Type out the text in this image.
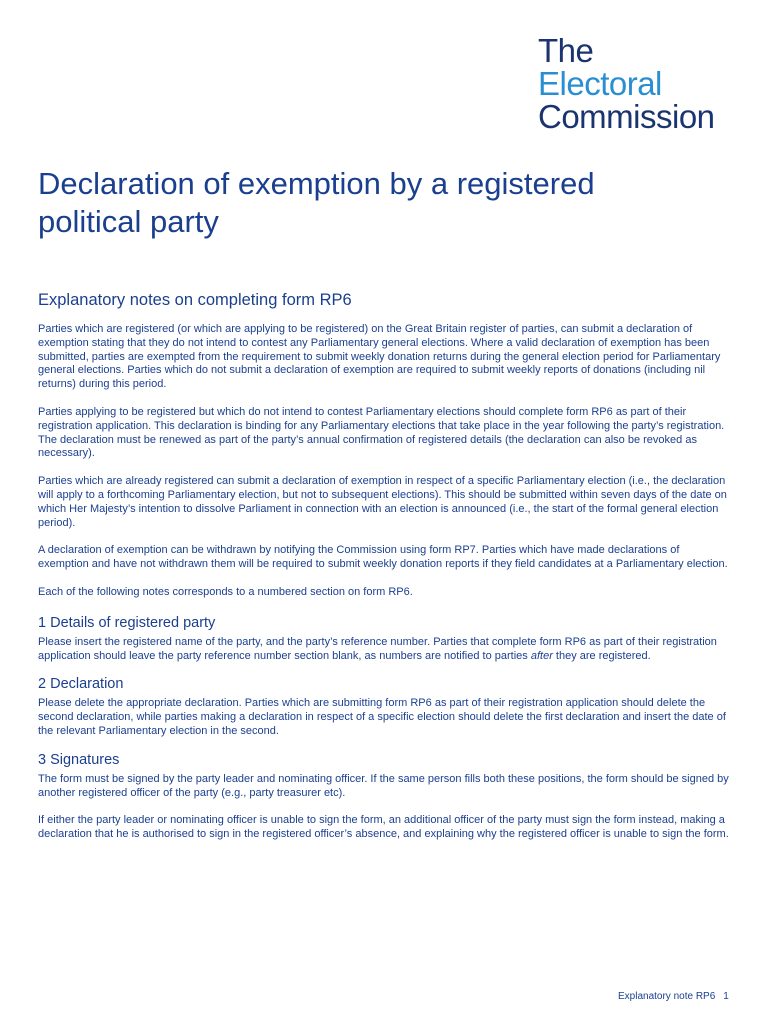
The
Electoral
Commission
Declaration of exemption by a registered political party
Explanatory notes on completing form RP6

Parties which are registered (or which are applying to be registered) on the Great Britain register of parties, can submit a declaration of exemption stating that they do not intend to contest any Parliamentary general elections. Where a valid declaration of exemption has been submitted, parties are exempted from the requirement to submit weekly donation returns during the general election period for Parliamentary general elections. Parties which do not submit a declaration of exemption are required to submit weekly reports of donations (including nil returns) during this period.

Parties applying to be registered but which do not intend to contest Parliamentary elections should complete form RP6 as part of their registration application. This declaration is binding for any Parliamentary elections that take place in the year following the party’s registration. The declaration must be renewed as part of the party’s annual confirmation of registered details (the declaration can also be revoked as necessary).

Parties which are already registered can submit a declaration of exemption in respect of a specific Parliamentary election (i.e., the declaration will apply to a forthcoming Parliamentary election, but not to subsequent elections). This should be submitted within seven days of the date on which Her Majesty’s intention to dissolve Parliament in connection with an election is announced (i.e., the start of the formal general election period).

A declaration of exemption can be withdrawn by notifying the Commission using form RP7. Parties which have made declarations of exemption and have not withdrawn them will be required to submit weekly donation reports if they field candidates at a Parliamentary election.

Each of the following notes corresponds to a numbered section on form RP6.

1 Details of registered party

Please insert the registered name of the party, and the party’s reference number. Parties that complete form RP6 as part of their registration application should leave the party reference number section blank, as numbers are notified to parties after they are registered.

2 Declaration

Please delete the appropriate declaration. Parties which are submitting form RP6 as part of their registration application should delete the second declaration, while parties making a declaration in respect of a specific election should delete the first declaration and insert the date of the relevant Parliamentary election in the second.

3 Signatures

The form must be signed by the party leader and nominating officer. If the same person fills both these positions, the form should be signed by another registered officer of the party (e.g., party treasurer etc).

If either the party leader or nominating officer is unable to sign the form, an additional officer of the party must sign the form instead, making a declaration that he is authorised to sign in the registered officer’s absence, and explaining why the registered officer is unable to sign the form.

Explanatory note RP6 1
